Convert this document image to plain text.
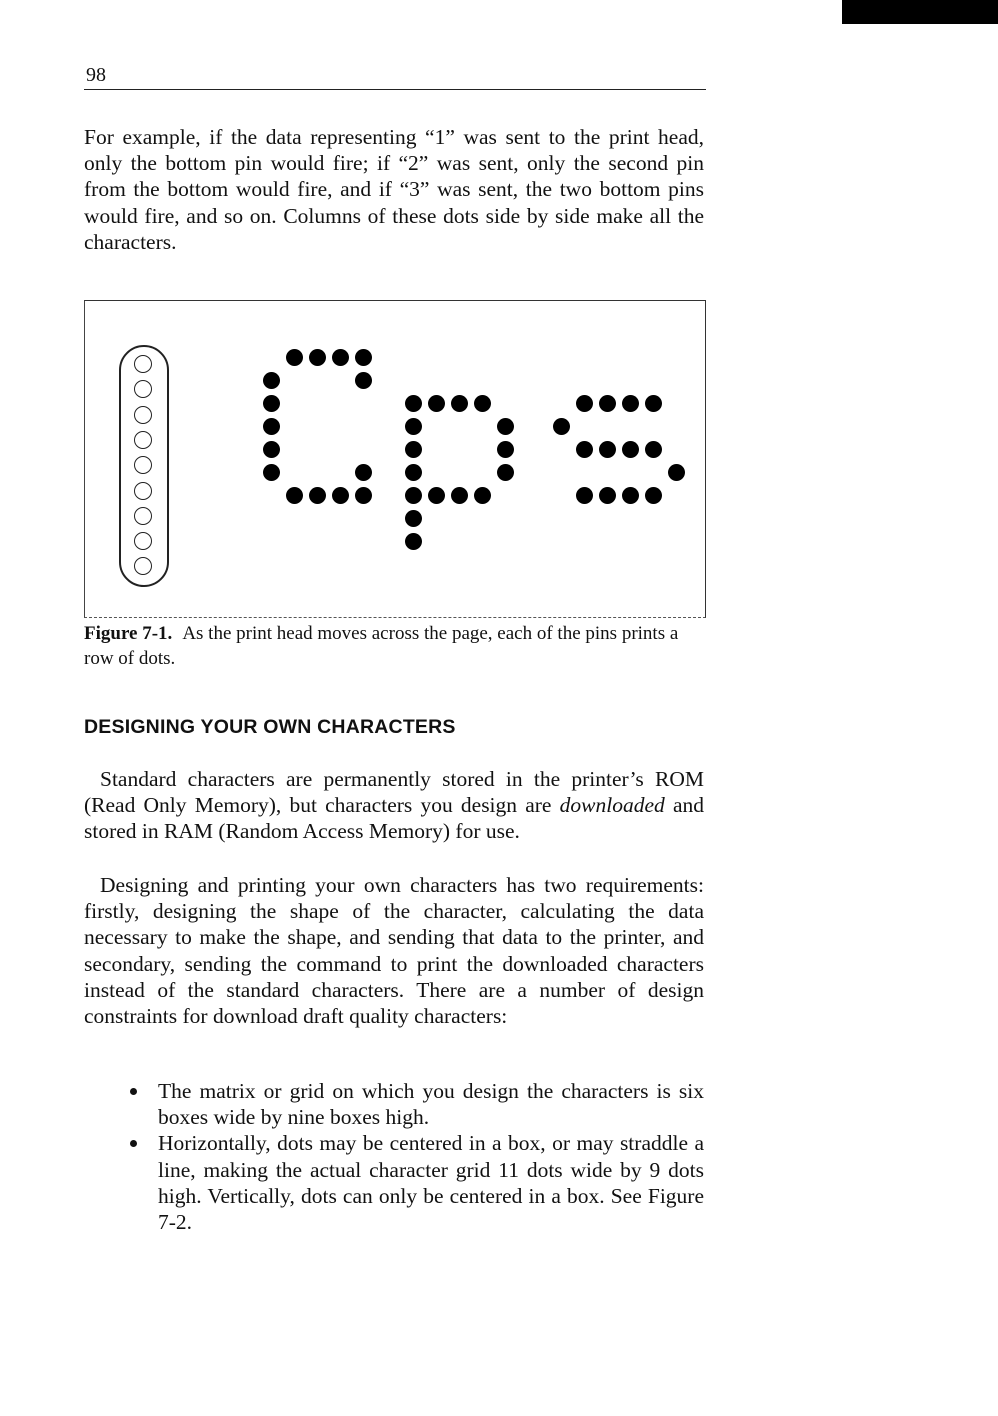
98

For example, if the data representing “1” was sent to the print head, only the bottom pin would fire; if “2” was sent, only the second pin from the bottom would fire, and if “3” was sent, the two bottom pins would fire, and so on. Columns of these dots side by side make all the characters.

Figure 7-1. As the print head moves across the page, each of the pins prints a row of dots.

DESIGNING YOUR OWN CHARACTERS

Standard characters are permanently stored in the printer’s ROM (Read Only Memory), but characters you design are downloaded and stored in RAM (Random Access Memory) for use.

Designing and printing your own characters has two requirements: firstly, designing the shape of the character, calculating the data necessary to make the shape, and sending that data to the printer, and secondary, sending the command to print the downloaded characters instead of the standard characters. There are a number of design constraints for download draft quality characters:

The matrix or grid on which you design the characters is six boxes wide by nine boxes high.
Horizontally, dots may be centered in a box, or may straddle a line, making the actual character grid 11 dots wide by 9 dots high. Vertically, dots can only be centered in a box. See Figure 7-2.
